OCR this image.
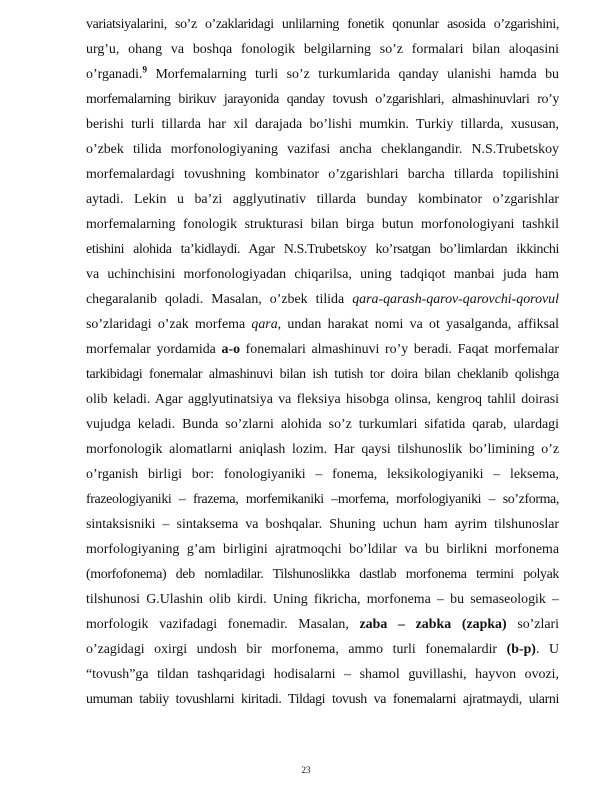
variatsiyalarini, so’z o’zaklaridagi unlilarning fonetik qonunlar asosida o’zgarishini,
urg’u, ohang va boshqa fonologik belgilarning so’z formalari bilan aloqasini
o’rganadi.$^9$ Morfemalarning turli so’z turkumlarida qanday ulanishi hamda bu
morfemalarning birikuv jarayonida qanday tovush o’zgarishlari, almashinuvlari ro’y
berishi turli tillarda har xil darajada bo’lishi mumkin. Turkiy tillarda, xususan,
o’zbek tilida morfonologiyaning vazifasi ancha cheklangandir. N.S.Trubetskoy
morfemalardagi tovushning kombinator o’zgarishlari barcha tillarda topilishini
aytadi. Lekin u ba’zi agglyutinativ tillarda bunday kombinator o’zgarishlar
morfemalarning fonologik strukturasi bilan birga butun morfonologiyani tashkil
etishini alohida ta’kidlaydi. Agar N.S.Trubetskoy ko’rsatgan bo’limlardan ikkinchi
va uchinchisini morfonologiyadan chiqarilsa, uning tadqiqot manbai juda ham
chegaralanib qoladi. Masalan, o’zbek tilida qara-qarash-qarov-qarovchi-qorovul
so’zlaridagi o’zak morfema qara, undan harakat nomi va ot yasalganda, affiksal
morfemalar yordamida a-o fonemalari almashinuvi ro’y beradi. Faqat morfemalar
tarkibidagi fonemalar almashinuvi bilan ish tutish tor doira bilan cheklanib qolishga
olib keladi. Agar agglyutinatsiya va fleksiya hisobga olinsa, kengroq tahlil doirasi
vujudga keladi. Bunda so’zlarni alohida so’z turkumlari sifatida qarab, ulardagi
morfonologik alomatlarni aniqlash lozim. Har qaysi tilshunoslik bo’limining o’z
o’rganish birligi bor: fonologiyaniki – fonema, leksikologiyaniki – leksema,
frazeologiyaniki – frazema, morfemikaniki –morfema, morfologiyaniki – so’zforma,
sintaksisniki – sintaksema va boshqalar. Shuning uchun ham ayrim tilshunoslar
morfologiyaning g’am birligini ajratmoqchi bo’ldilar va bu birlikni morfonema
(morfofonema) deb nomladilar. Tilshunoslikka dastlab morfonema termini polyak
tilshunosi G.Ulashin olib kirdi. Uning fikricha, morfonema – bu semaseologik –
morfologik vazifadagi fonemadir. Masalan, zaba – zabka (zapka) so’zlari
o’zagidagi oxirgi undosh bir morfonema, ammo turli fonemalardir (b-p). U
“tovush”ga tildan tashqaridagi hodisalarni – shamol guvillashi, hayvon ovozi,
umuman tabiiy tovushlarni kiritadi. Tildagi tovush va fonemalarni ajratmaydi, ularni
23
